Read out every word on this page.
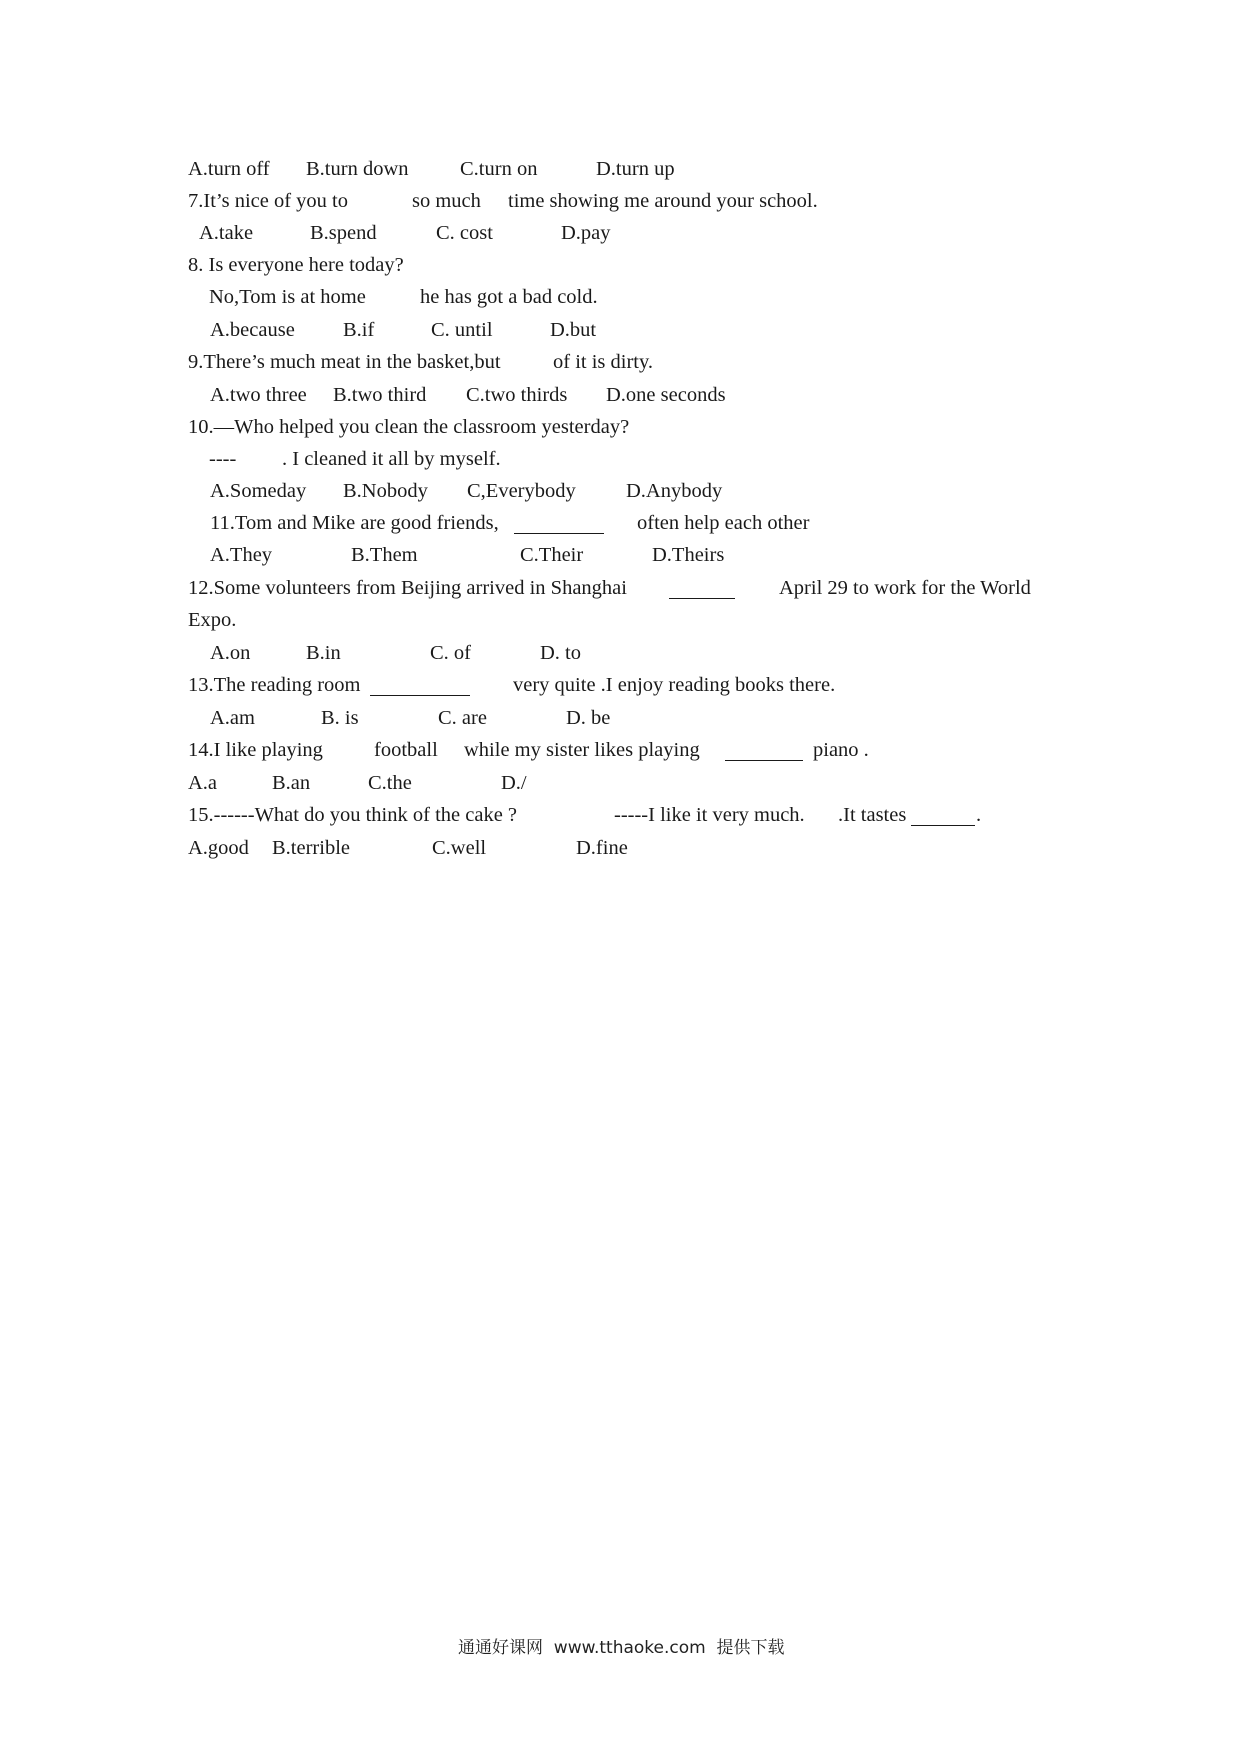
A.turn off B.turn down	C.turn on	D.turn up
7.It’s nice of you to	so much time showing me around your school.
A.take	B.spend	C. cost	D.pay
8. Is everyone here today?
No,Tom is at home	he has got a bad cold.
A.because B.if	C. until	D.but
9.There’s much meat in the basket,but	of it is dirty.
A.two three B.two third C.two thirds D.one seconds
10.—Who helped you clean the classroom yesterday?
---- . I cleaned it all by myself.
A.Someday B.Nobody C,Everybody D.Anybody
11.Tom and Mike are good friends,	often help each other
A.They	B.Them	C.Their	D.Theirs
12.Some volunteers from Beijing arrived in Shanghai	April 29 to work for the World
Expo.
A.on	B.in	C. of	D. to
13.The reading room	very quite .I enjoy reading books there.
A.am	B. is	C. are	D. be
14.I like playing football while my sister likes playing	piano .
A.a	B.an	C.the	D./
15.------What do you think of the cake ?	-----I like it very much. .It tastes	.
A.good B.terrible	C.well	D.fine
通通好课网  www.tthaoke.com  提供下载
